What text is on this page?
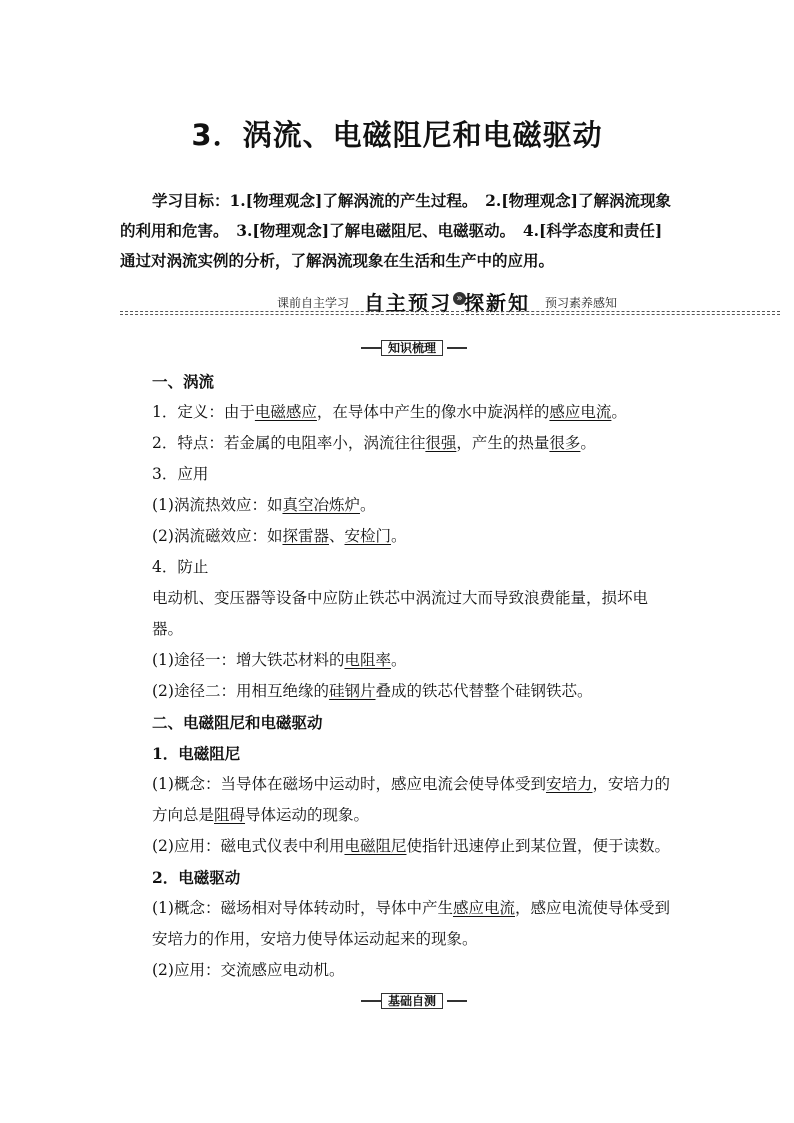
3．涡流、电磁阻尼和电磁驱动
学习目标：1.[物理观念]了解涡流的产生过程。　2.[物理观念]了解涡流现象
的利用和危害。　3.[物理观念]了解电磁阻尼、电磁驱动。　4.[科学态度和责任]
通过对涡流实例的分析，了解涡流现象在生活和生产中的应用。
课前自主学习 自主预习 » 探新知 预习素养感知
知识梳理

一、涡流

1．定义：由于电磁感应，在导体中产生的像水中旋涡样的感应电流。

2．特点：若金属的电阻率小，涡流往往很强，产生的热量很多。

3．应用

(1)涡流热效应：如真空冶炼炉。

(2)涡流磁效应：如探雷器、安检门。

4．防止

电动机、变压器等设备中应防止铁芯中涡流过大而导致浪费能量，损坏电器。

(1)途径一：增大铁芯材料的电阻率。

(2)途径二：用相互绝缘的硅钢片叠成的铁芯代替整个硅钢铁芯。

二、电磁阻尼和电磁驱动

1．电磁阻尼

(1)概念：当导体在磁场中运动时，感应电流会使导体受到安培力，安培力的方向总是阻碍导体运动的现象。

(2)应用：磁电式仪表中利用电磁阻尼使指针迅速停止到某位置，便于读数。

2．电磁驱动

(1)概念：磁场相对导体转动时，导体中产生感应电流，感应电流使导体受到安培力的作用，安培力使导体运动起来的现象。

(2)应用：交流感应电动机。

基础自测
